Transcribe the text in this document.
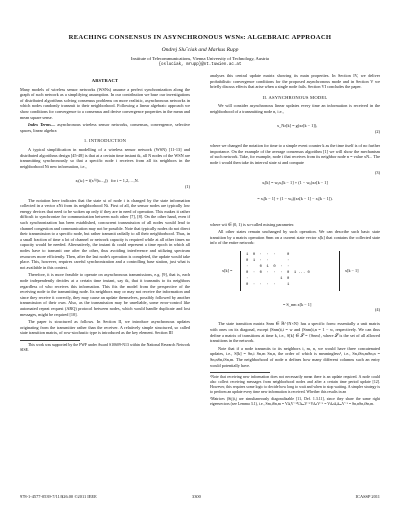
REACHING CONSENSUS IN ASYNCHRONOUS WSNs: ALGEBRAIC APPROACH
Ondrej Sluˇciak and Markus Rupp
Institute of Telecommunications, Vienna University of Technology, Austria
{osluciak, mrupp}@nt.tuwien.ac.at
ABSTRACT

Many models of wireless sensor networks (WSNs) assume a perfect synchronization along the graph of such network as a simplifying assumption. In our contribution we base our investigations of distributed algorithms solving consensus problems on more realistic, asynchronous networks in which nodes randomly transmit to their neighborhood. Following a linear algebraic approach we show conditions for convergence to a consensus and derive convergence properties in the mean and mean square sense.

Index Terms— asynchronous wireless sensor networks, consensus, convergence, selective spaces, linear algebra

1. INTRODUCTION

A typical simplification in modelling of a wireless sensor network (WSN) [11-13] and distributed algorithms design [45-48] is that at a certain time instant tk, all N nodes of the WSN are transmitting synchronously so that a specific node i receives from all its neighbors in the neighborhood Ni new information, i.e.,

xᵢ(tₖ) = f(x⁽ʲ⁾(tₖ₋₁))   for i = 1,2,…,N.

(1)

The notation here indicates that the state xi of node i is changed by the state information collected in a vector xNi from its neighborhood Ni. First of all, the sensor nodes are typically low energy devices that need to be woken up only if they are in need of operation. This makes it rather difficult to synchronize for communication between such other [7], [8]. On the other hand, even if such synchronization has been established, concurrent transmission of all nodes would lead to channel congestion and communication may not be possible. Note that typically nodes do not direct their transmission to a specific node, but rather transmit radially to all their neighborhood. Thus, in a small fraction of time a lot of channel or network capacity is required while at all other times no capacity would be needed. Alternatively, the instant tk could represent a time epoch in which all nodes have to transmit one after the other, thus avoiding interference and utilizing spectrum resources more efficiently. Then, after the last node's operation is completed, the update would take place. This, however, requires careful synchronization and a controlling base station, just what is not available in this context.

Therefore, it is more feasible to operate on asynchronous transmissions, e.g. [9], that is, each node independently decides at a certain time instant, say tk, that it transmits to its neighbors regardless of who receives this information. This fits the model from the perspective of the receiving node to the transmitting node. Its neighbors may or may not receive the information and since they receive it correctly, they may cause an update themselves, possibly followed by another transmission of their own. Also, as the transmission may be unreliable, some error-control like automated repeat request (ARQ) protocol between nodes, which would handle duplicate and lost messages, might be required [10].

The paper is structured as follows. In Section II, we introduce asynchronous updates originating from the transmitter rather than the receiver. A relatively simple structured, so called state transition matrix, of row-stochastic type is introduced as the key element. Section III

This work was supported by the FWF under Award S10609-N13 within the National Research Network SISE.

analyses this central update matrix showing its main properties. In Section IV, we deliver probabilistic convergence conditions for the proposed asynchronous mode and in Section V we briefly discuss effects that arise when a single node fails. Section VI concludes the paper.

II. ASYNCHRONOUS MODEL

We will consider asynchronous linear updates every time an information is received in the neighborhood of a transmitting node n, i.e.,

x_Nₙ[k] = g(xₙ[k − 1]),

(2)

where we changed the notation for time to a simple event counter k as the time itself is of no further importance. On the example of the average consensus algorithm [1] we will show the mechanism of such network. Take, for example, node i that receives from its neighbor node n = value xN... The node i would then take its interval state xi and compute

xᵢ[k] = wᵢᵢxᵢ[k − 1] + (1 − wᵢᵢ)xₙ[k − 1]

= xᵢ[k − 1] + (1 − wᵢᵢ)(xₙ[k − 1] − xᵢ[k − 1]).

(3)

where wii ∈ (0, 1) is so-called mixing parameter.

All other states remain unchanged by such operation. We can describe such basic state transition by a matrix operation Snm on a current state vector x[k] that contains the collected state info of the entire network:

x[k] =
1  0  ·  ·  ·     0
0  1  ·  ·        ·
·     0  1  0  ·  ·
0  ·  0  ·  ·  ·  0  1 ... 0
·              1  0
0  ·  ·  ·  ·     1
x[k − 1]

= S_nm x[k − 1]

(4)

The state transition matrix Snm ∈ ℝ^{N×N} has a specific form: essentially a unit matrix with ones on its diagonal, except (Snm)i,i = w and (Snm)i,n = 1 − w, respectively. We can thus define a matrix of transitions at time k, i.e., S[k] ∈ 𝒮 = {Snm}, where 𝒮 is the set of all allowed transitions in the network.

Note that if a node transmits to its neighbors i, m, n, we would have three concatenated updates, i.e., S[k] = Sn,i Sn,m Sn,n, the order of which is meaningless¹, i.e., Sn,iSn,mSn,n = Sn,nSn,iSn,m. The neighborhood of node n defines how many different columns such an entry would potentially have.

¹Note that receiving new information does not necessarily mean there is an update required. A node could also collect receiving messages from neighborhood nodes and after a certain time period update [12]. However, this requires some logic to decide how long to wait and when to stop waiting. A simpler strategy is to perform an update every time new information is received. Whether this results in an

²Matrices (Sij)i,j are simultaneously diagonalizable [11, Def. 1.3.11], since they share the same right eigenvectors (see Lemma 3.1), i.e., Sm,iSn,m = V∆ᵢV⁻¹V∆ₘV⁻¹V∆ₙV⁻¹ = V∆ₙ∆ᵢ∆ₘV⁻¹ = Sn,nSn,iSn,m.

978-1-4577-0539-7/11/$26.00 ©2011 IEEE	3300	ICASSP 2011
